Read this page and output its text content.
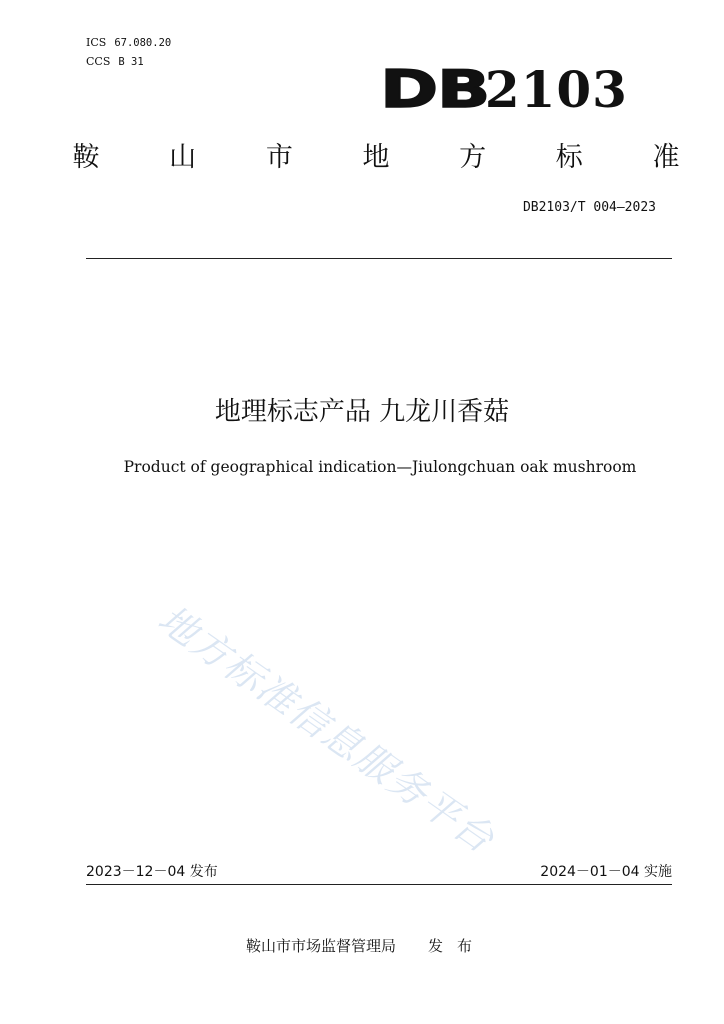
ICS 67.080.20
CCS B 31	DB2103
鞍	山	市	地	方	标	准
DB2103/T 004—2023
地理标志产品 九龙川香菇
Product of geographical indication—Jiulongchuan oak mushroom
地方标准信息服务平台
2023－12－04 发布	2024－01－04 实施
鞍山市市场监督管理局 发布
